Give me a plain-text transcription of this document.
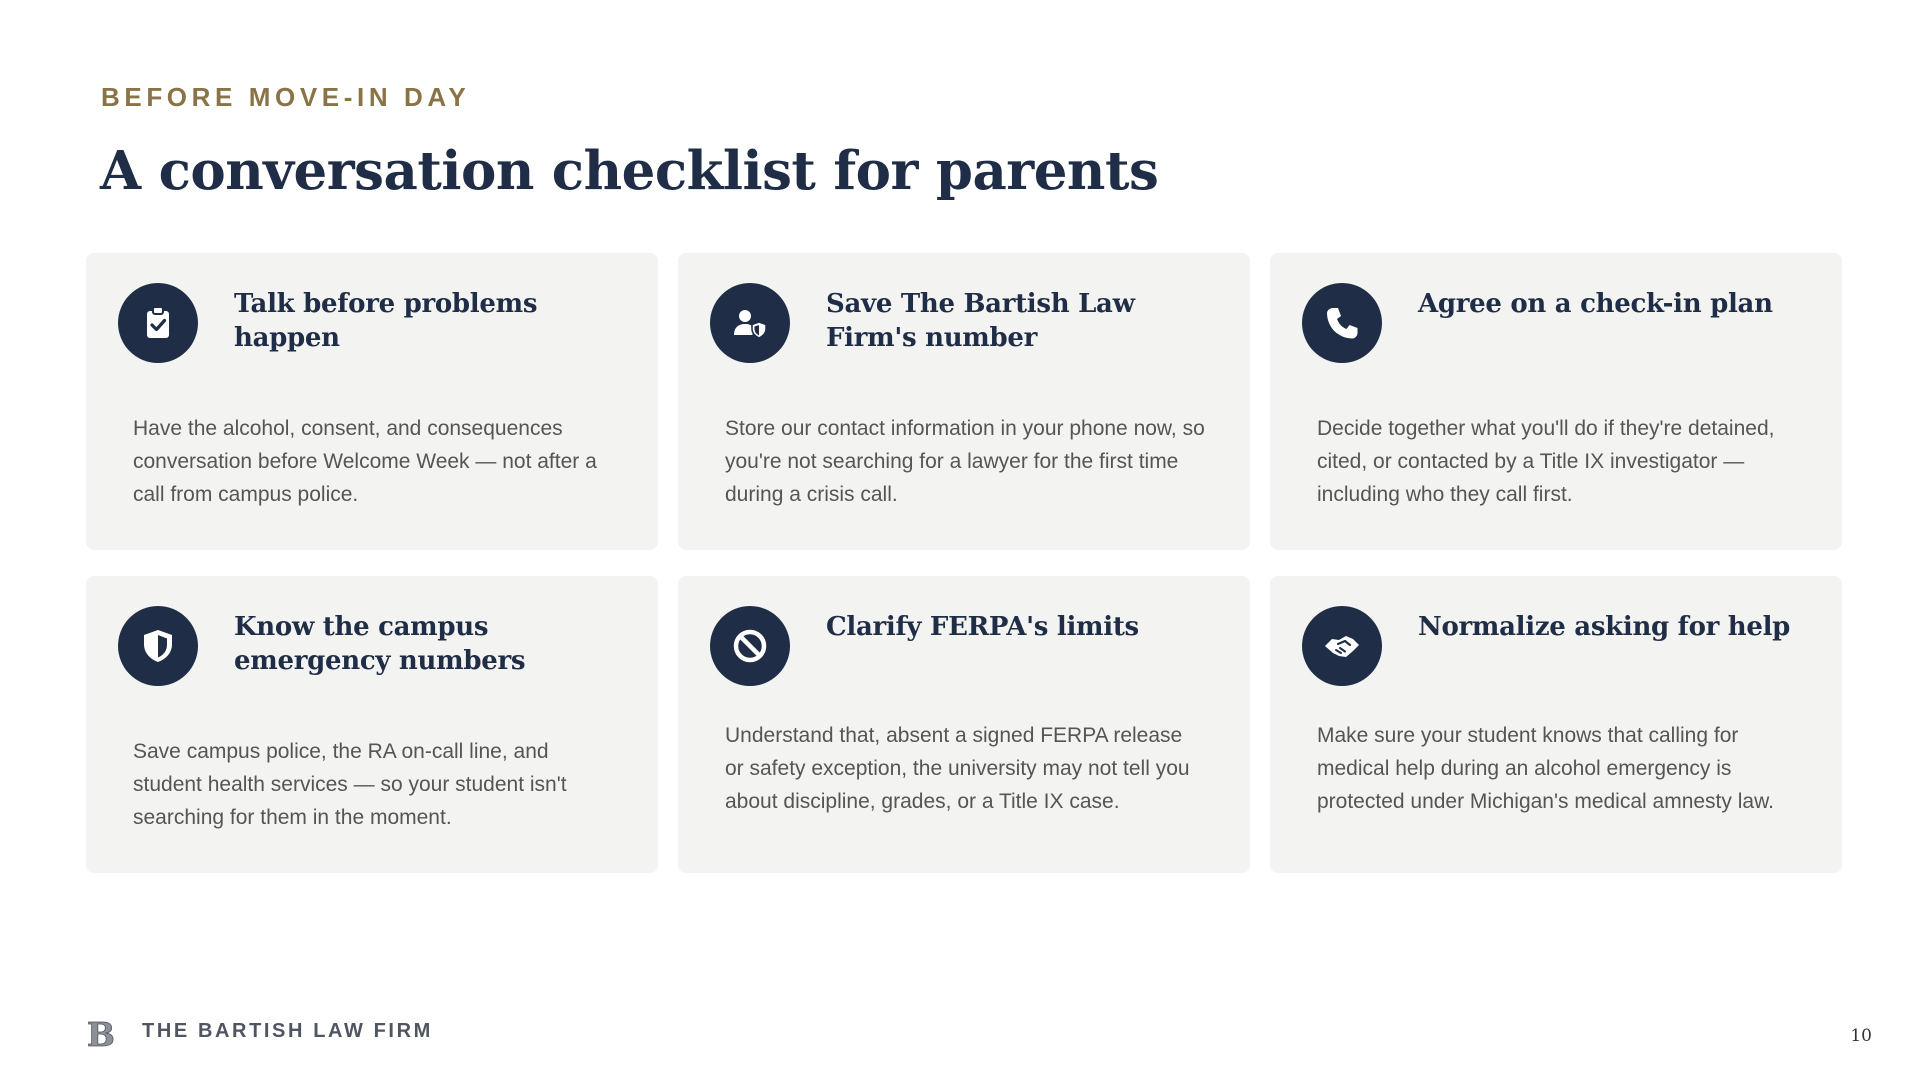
BEFORE MOVE-IN DAY
A conversation checklist for parents
Talk before problems happen
Have the alcohol, consent, and consequences conversation before Welcome Week — not after a call from campus police.
Save The Bartish Law Firm's number
Store our contact information in your phone now, so you're not searching for a lawyer for the first time during a crisis call.
Agree on a check-in plan
Decide together what you'll do if they're detained, cited, or contacted by a Title IX investigator — including who they call first.
Know the campus emergency numbers
Save campus police, the RA on-call line, and student health services — so your student isn't searching for them in the moment.
Clarify FERPA's limits
Understand that, absent a signed FERPA release or safety exception, the university may not tell you about discipline, grades, or a Title IX case.
Normalize asking for help
Make sure your student knows that calling for medical help during an alcohol emergency is protected under Michigan's medical amnesty law.
B THE BARTISH LAW FIRM	10
